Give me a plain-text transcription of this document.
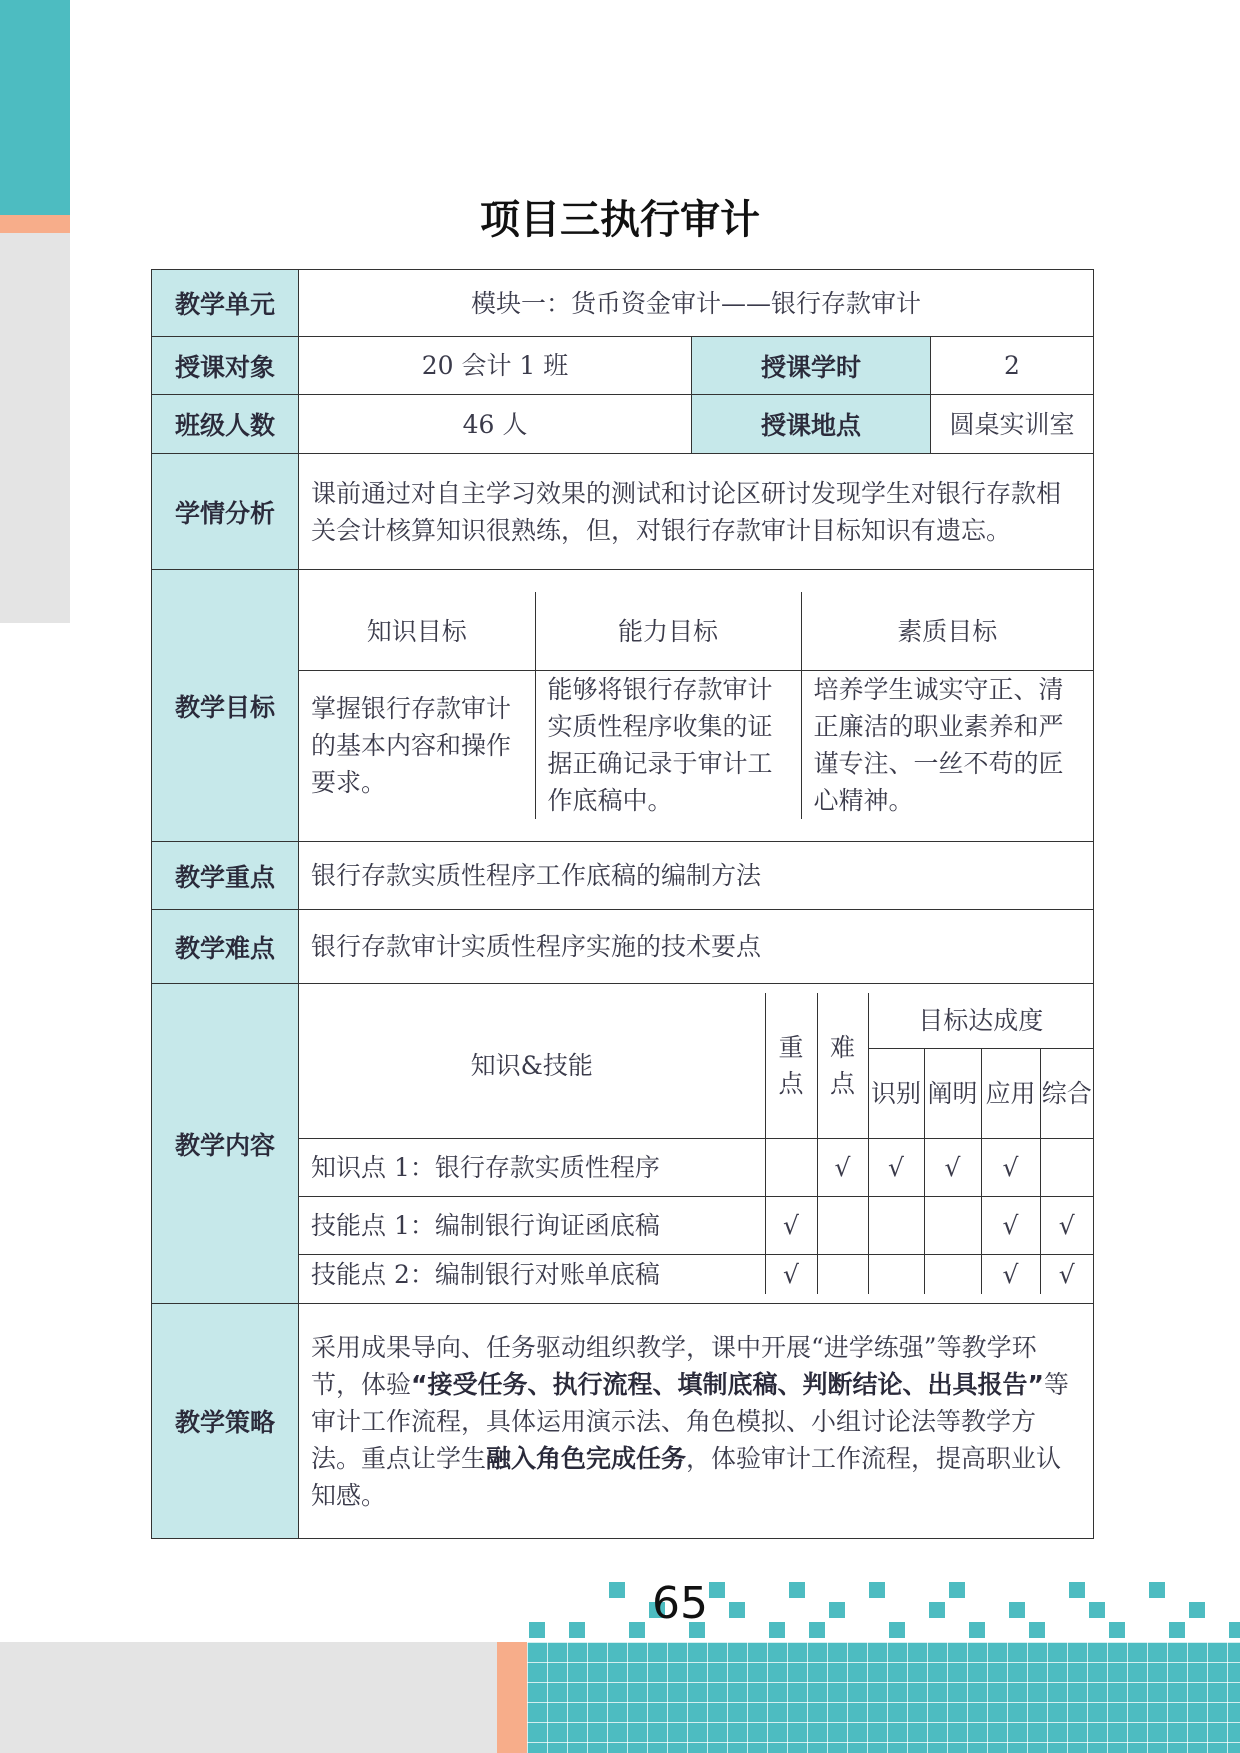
项目三执行审计
教学单元	模块一：货币资金审计——银行存款审计
授课对象	20 会计 1 班	授课学时	2
班级人数	46 人	授课地点	圆桌实训室
学情分析	课前通过对自主学习效果的测试和讨论区研讨发现学生对银行存款相关会计核算知识很熟练，但，对银行存款审计目标知识有遗忘。
教学目标	
知识目标	能力目标	素质目标
掌握银行存款审计的基本内容和操作要求。	能够将银行存款审计实质性程序收集的证据正确记录于审计工作底稿中。	培养学生诚实守正、清正廉洁的职业素养和严谨专注、一丝不苟的匠心精神。

教学重点	银行存款实质性程序工作底稿的编制方法
教学难点	银行存款审计实质性程序实施的技术要点
教学内容	
知识&技能	重点	难点	目标达成度
识别	阐明	应用	综合
知识点 1：银行存款实质性程序		√	√	√	√	
技能点 1：编制银行询证函底稿	√				√	√
技能点 2：编制银行对账单底稿	√				√	√

教学策略	采用成果导向、任务驱动组织教学，课中开展“进学练强”等教学环节，体验“接受任务、执行流程、填制底稿、判断结论、出具报告”等审计工作流程，具体运用演示法、角色模拟、小组讨论法等教学方法。重点让学生融入角色完成任务，体验审计工作流程，提高职业认知感。
65
